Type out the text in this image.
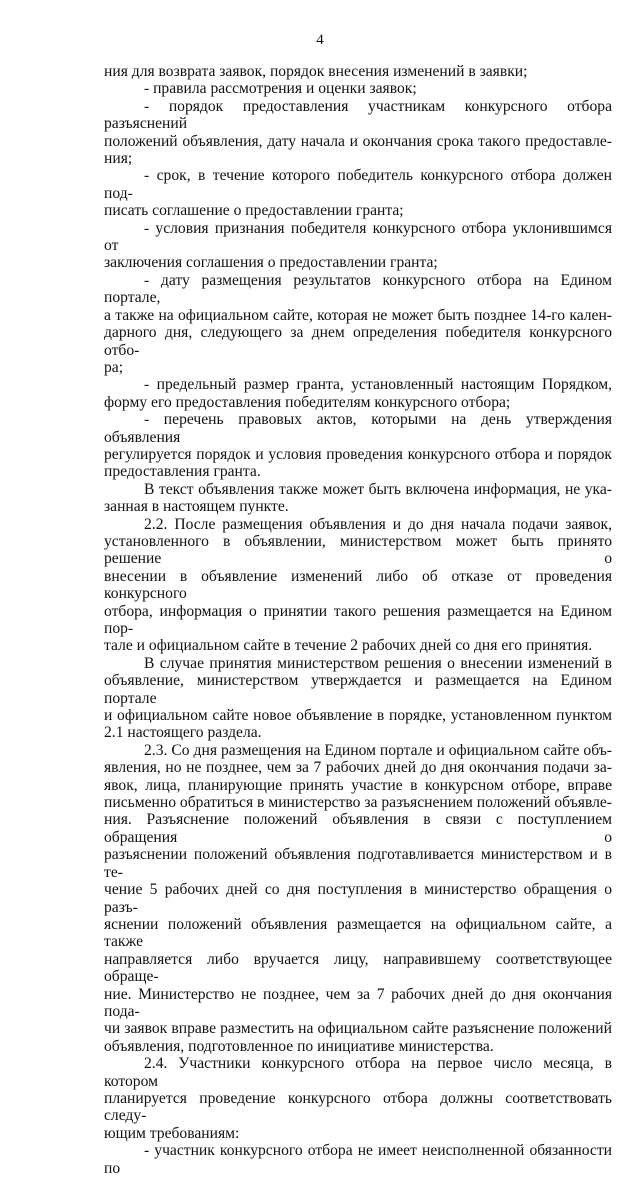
4
ния для возврата заявок, порядок внесения изменений в заявки;
- правила рассмотрения и оценки заявок;
- порядок предоставления участникам конкурсного отбора разъяснений
положений объявления, дату начала и окончания срока такого предоставле-
ния;
- срок, в течение которого победитель конкурсного отбора должен под-
писать соглашение о предоставлении гранта;
- условия признания победителя конкурсного отбора уклонившимся от
заключения соглашения о предоставлении гранта;
- дату размещения результатов конкурсного отбора на Едином портале,
а также на официальном сайте, которая не может быть позднее 14-го кален-
дарного дня, следующего за днем определения победителя конкурсного отбо-
ра;
- предельный размер гранта, установленный настоящим Порядком,
форму его предоставления победителям конкурсного отбора;
- перечень правовых актов, которыми на день утверждения объявления
регулируется порядок и условия проведения конкурсного отбора и порядок
предоставления гранта.
В текст объявления также может быть включена информация, не ука-
занная в настоящем пункте.
2.2. После размещения объявления и до дня начала подачи заявок,
установленного в объявлении, министерством может быть принято решение о
внесении в объявление изменений либо об отказе от проведения конкурсного
отбора, информация о принятии такого решения размещается на Едином пор-
тале и официальном сайте в течение 2 рабочих дней со дня его принятия.
В случае принятия министерством решения о внесении изменений в
объявление, министерством утверждается и размещается на Едином портале
и официальном сайте новое объявление в порядке, установленном пунктом
2.1 настоящего раздела.
2.3. Со дня размещения на Едином портале и официальном сайте объ-
явления, но не позднее, чем за 7 рабочих дней до дня окончания подачи за-
явок, лица, планирующие принять участие в конкурсном отборе, вправе
письменно обратиться в министерство за разъяснением положений объявле-
ния. Разъяснение положений объявления в связи с поступлением обращения о
разъяснении положений объявления подготавливается министерством и в те-
чение 5 рабочих дней со дня поступления в министерство обращения о разъ-
яснении положений объявления размещается на официальном сайте, а также
направляется либо вручается лицу, направившему соответствующее обраще-
ние. Министерство не позднее, чем за 7 рабочих дней до дня окончания пода-
чи заявок вправе разместить на официальном сайте разъяснение положений
объявления, подготовленное по инициативе министерства.
2.4. Участники конкурсного отбора на первое число месяца, в котором
планируется проведение конкурсного отбора должны соответствовать следу-
ющим требованиям:
- участник конкурсного отбора не имеет неисполненной обязанности по
